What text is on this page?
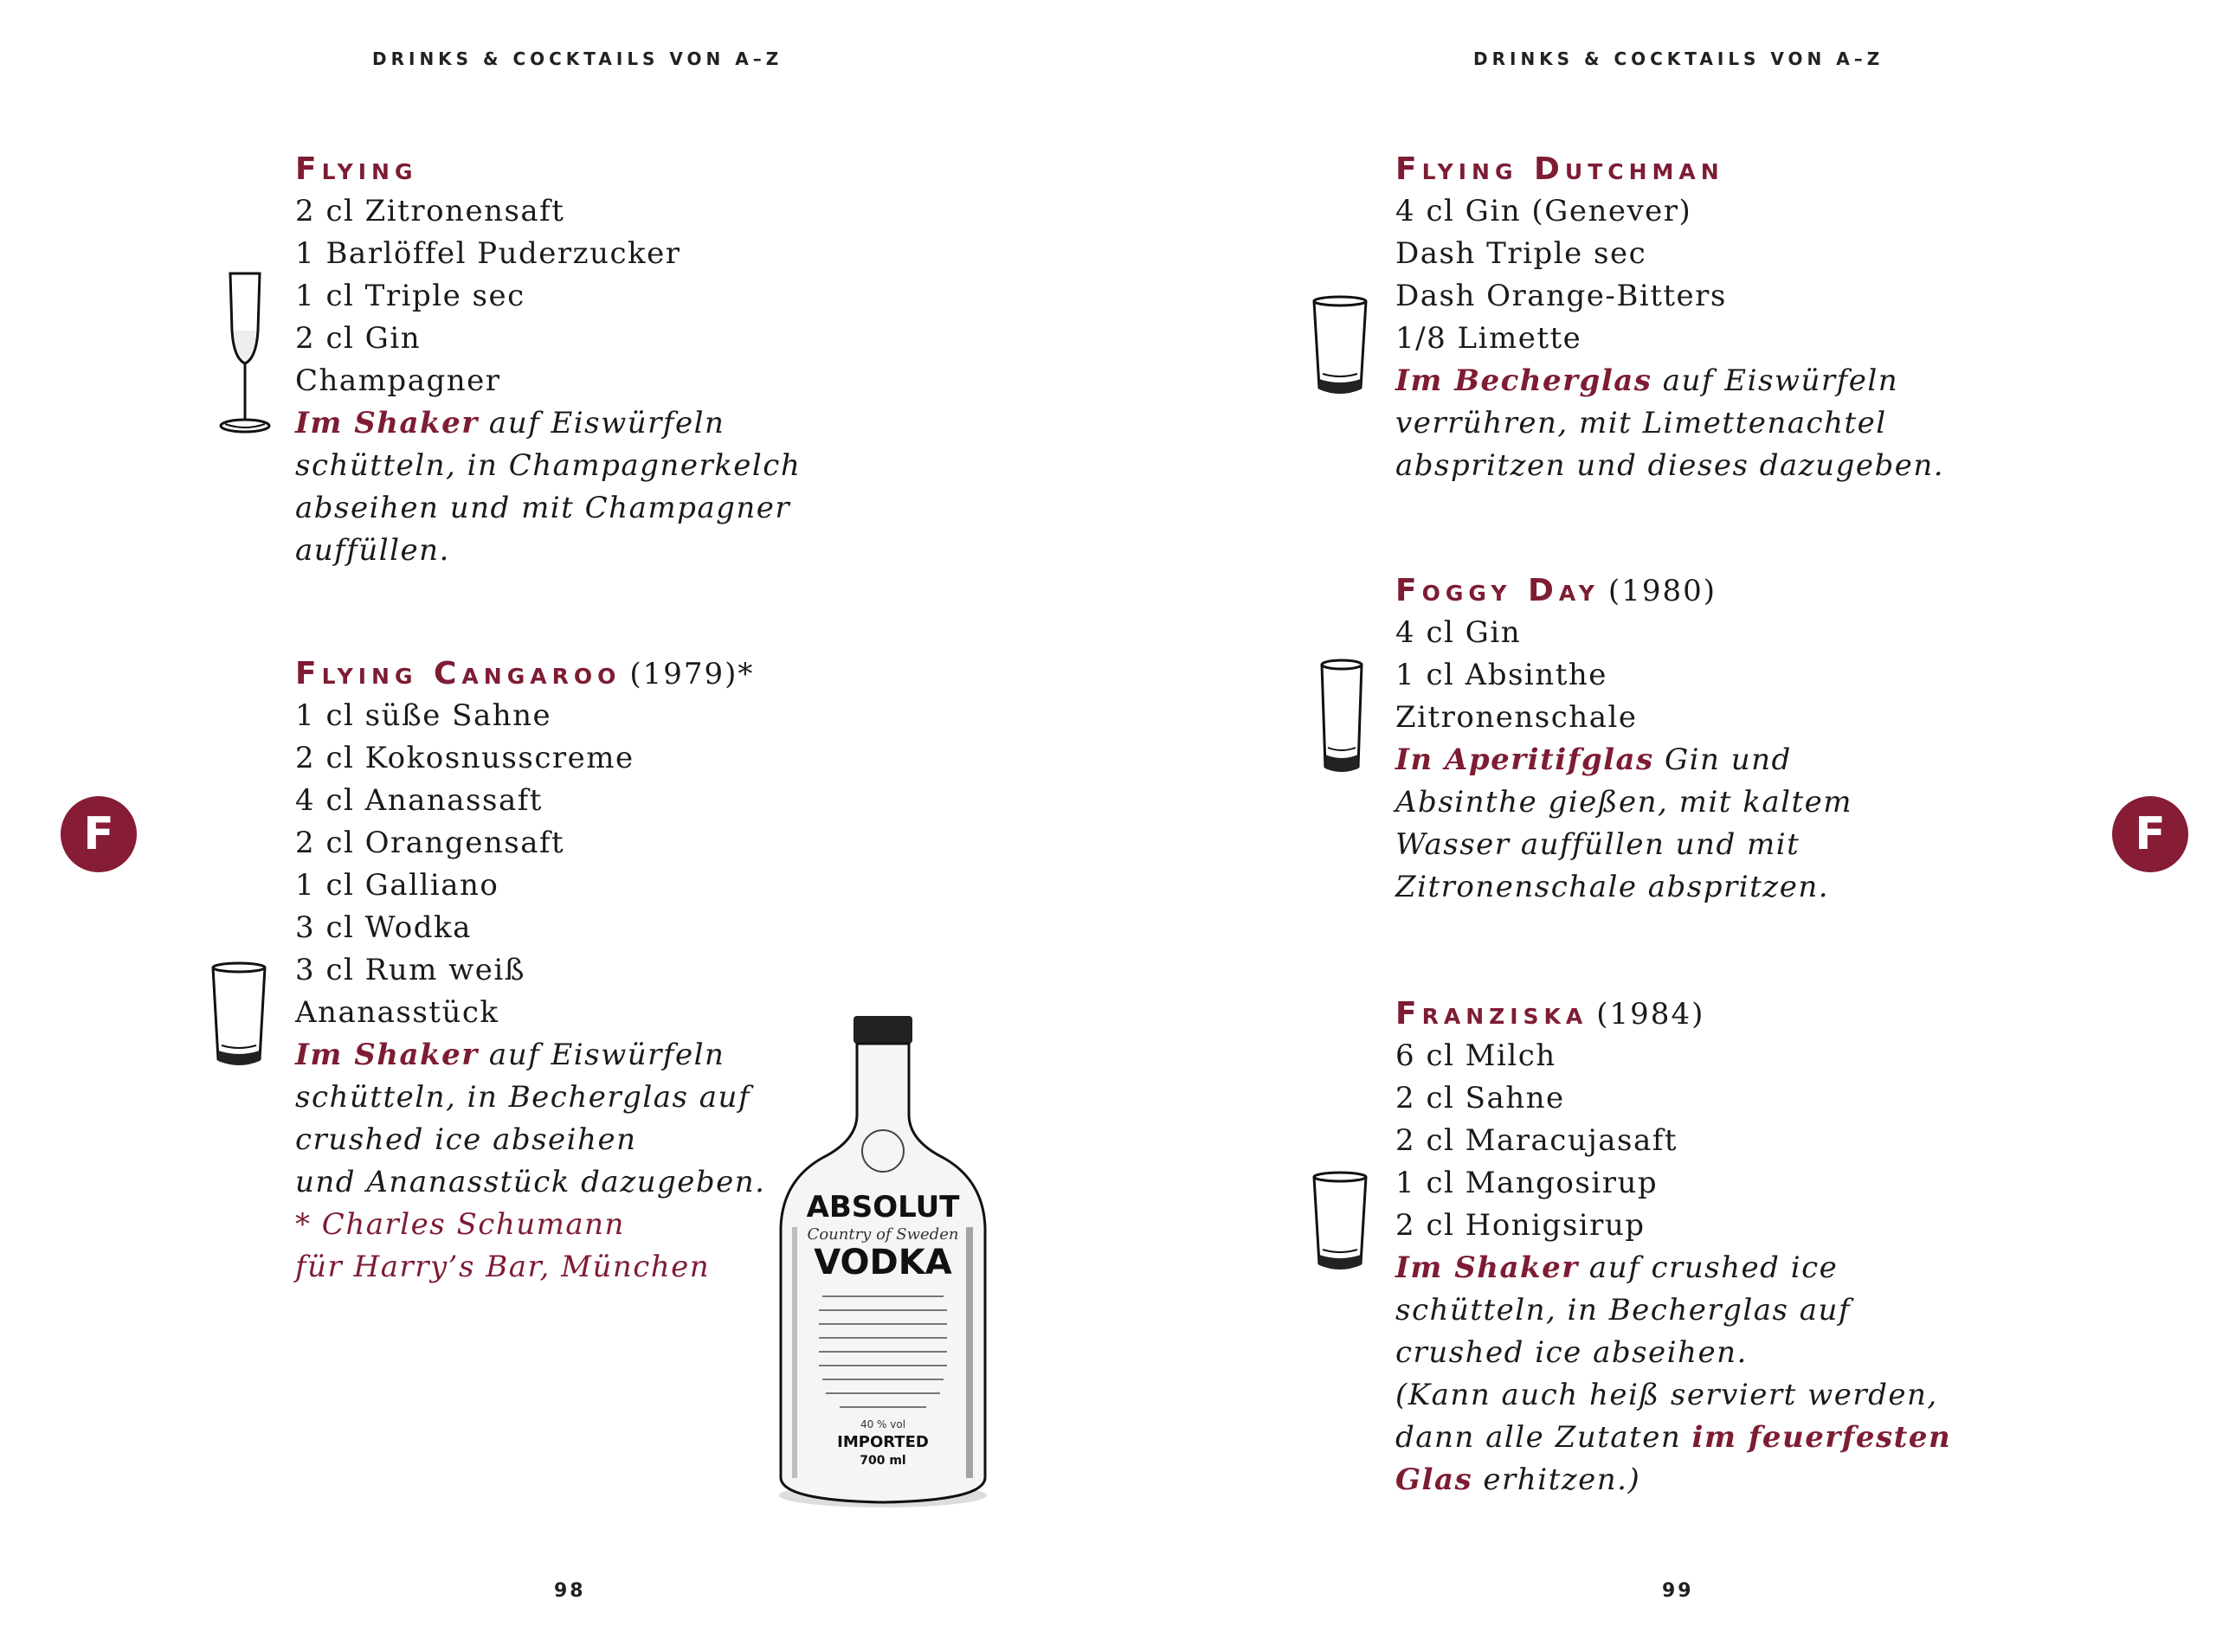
DRINKS & COCKTAILS VON A–Z
Flying
2 cl Zitronensaft
1 Barlöffel Puderzucker
1 cl Triple sec
2 cl Gin
Champagner
Im Shaker auf Eiswürfeln
schütteln, in Champagnerkelch
abseihen und mit Champagner
auffüllen.
Flying Cangaroo (1979)*
1 cl süße Sahne
2 cl Kokosnusscreme
4 cl Ananassaft
2 cl Orangensaft
1 cl Galliano
3 cl Wodka
3 cl Rum weiß
Ananasstück
Im Shaker auf Eiswürfeln
schütteln, in Becherglas auf
crushed ice abseihen
und Ananasstück dazugeben.
* Charles Schumann
für Harry’s Bar, München
F
ABSOLUT
Country of Sweden
VODKA
40 % vol
IMPORTED
700 ml
98
DRINKS & COCKTAILS VON A–Z
Flying Dutchman
4 cl Gin (Genever)
Dash Triple sec
Dash Orange-Bitters
1/8 Limette
Im Bechergl​as auf Eiswürfeln
verrühren, mit Limettenachtel
abspritzen und dieses dazugeben.
Foggy Day (1980)
4 cl Gin
1 cl Absinthe
Zitronenschale
In Aperitifglas Gin und
Absinthe gießen, mit kaltem
Wasser auffüllen und mit
Zitronenschale abspritzen.
Franziska (1984)
6 cl Milch
2 cl Sahne
2 cl Maracujasaft
1 cl Mangosirup
2 cl Honigsirup
Im Shaker auf crushed ice
schütteln, in Becherglas auf
crushed ice abseihen.
(Kann auch heiß serviert werden,
dann alle Zutaten im feuerfesten
Glas erhitzen.)
F
99
